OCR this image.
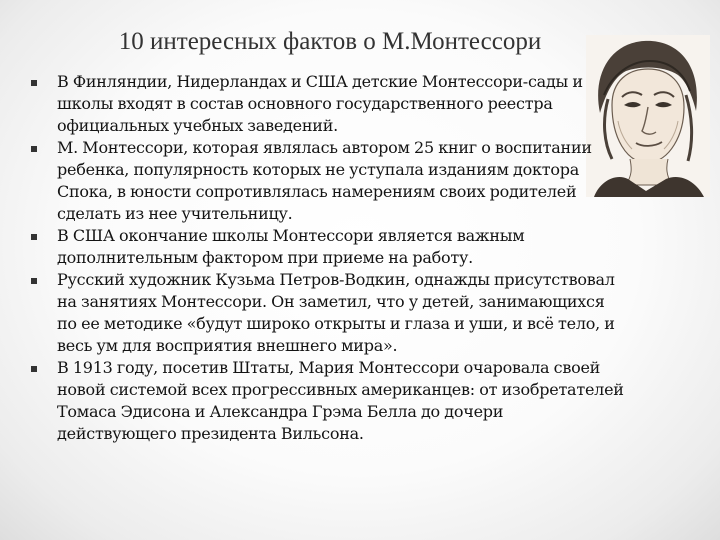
10 интересных фактов о М.Монтессори
В Финляндии, Нидерландах и США детские Монтессори-сады и школы входят в состав основного государственного реестра официальных учебных заведений.
М. Монтессори, которая являлась автором 25 книг о воспитании ребенка, популярность которых не уступала изданиям доктора Спока, в юности сопротивлялась намерениям своих родителей сделать из нее учительницу.
В США окончание школы Монтессори является важным дополнительным фактором при приеме на работу.
Русский художник Кузьма Петров-Водкин, однажды присутствовал на занятиях Монтессори. Он заметил, что у детей, занимающихся по ее методике «будут широко открыты и глаза и уши, и всё тело, и весь ум для восприятия внешнего мира».
В 1913 году, посетив Штаты, Мария Монтессори очаровала своей новой системой всех прогрессивных американцев: от изобретателей Томаса Эдисона и Александра Грэма Белла до дочери действующего президента Вильсона.
